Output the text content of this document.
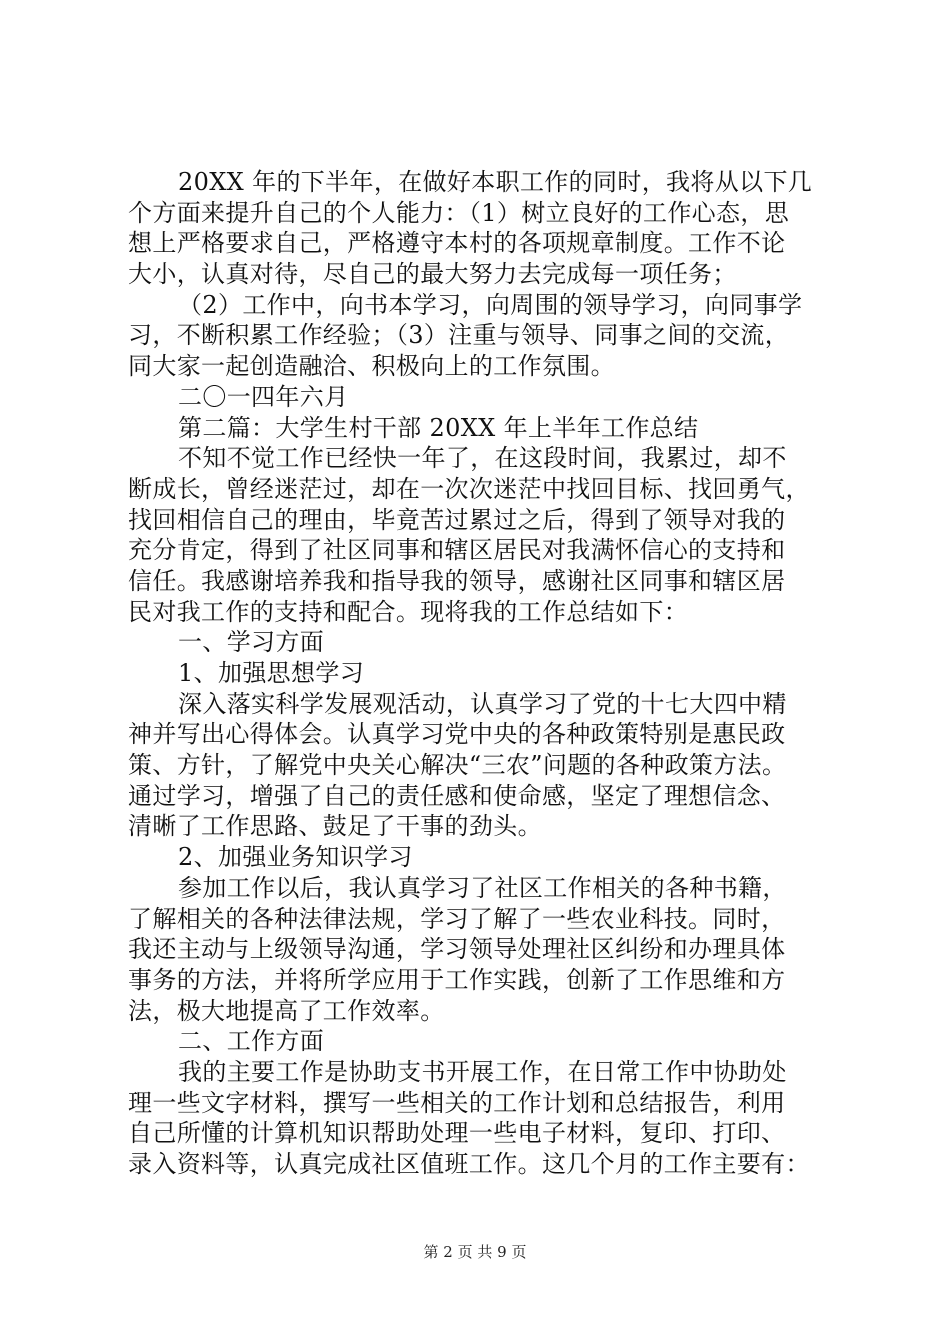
20XX 年的下半年，在做好本职工作的同时，我将从以下几
个方面来提升自己的个人能力：（1）树立良好的工作心态，思
想上严格要求自己，严格遵守本村的各项规章制度。工作不论
大小，认真对待，尽自己的最大努力去完成每一项任务；
（2）工作中，向书本学习，向周围的领导学习，向同事学
习，不断积累工作经验；（3）注重与领导、同事之间的交流，
同大家一起创造融洽、积极向上的工作氛围。
二〇一四年六月
第二篇：大学生村干部 20XX 年上半年工作总结
不知不觉工作已经快一年了，在这段时间，我累过，却不
断成长，曾经迷茫过，却在一次次迷茫中找回目标、找回勇气，
找回相信自己的理由，毕竟苦过累过之后，得到了领导对我的
充分肯定，得到了社区同事和辖区居民对我满怀信心的支持和
信任。我感谢培养我和指导我的领导，感谢社区同事和辖区居
民对我工作的支持和配合。现将我的工作总结如下：
一、学习方面
1、加强思想学习
深入落实科学发展观活动，认真学习了党的十七大四中精
神并写出心得体会。认真学习党中央的各种政策特别是惠民政
策、方针，了解党中央关心解决“三农”问题的各种政策方法。
通过学习，增强了自己的责任感和使命感，坚定了理想信念、
清晰了工作思路、鼓足了干事的劲头。
2、加强业务知识学习
参加工作以后，我认真学习了社区工作相关的各种书籍，
了解相关的各种法律法规，学习了解了一些农业科技。同时，
我还主动与上级领导沟通，学习领导处理社区纠纷和办理具体
事务的方法，并将所学应用于工作实践，创新了工作思维和方
法，极大地提高了工作效率。
二、工作方面
我的主要工作是协助支书开展工作，在日常工作中协助处
理一些文字材料，撰写一些相关的工作计划和总结报告，利用
自己所懂的计算机知识帮助处理一些电子材料，复印、打印、
录入资料等，认真完成社区值班工作。这几个月的工作主要有：
第 2 页 共 9 页
